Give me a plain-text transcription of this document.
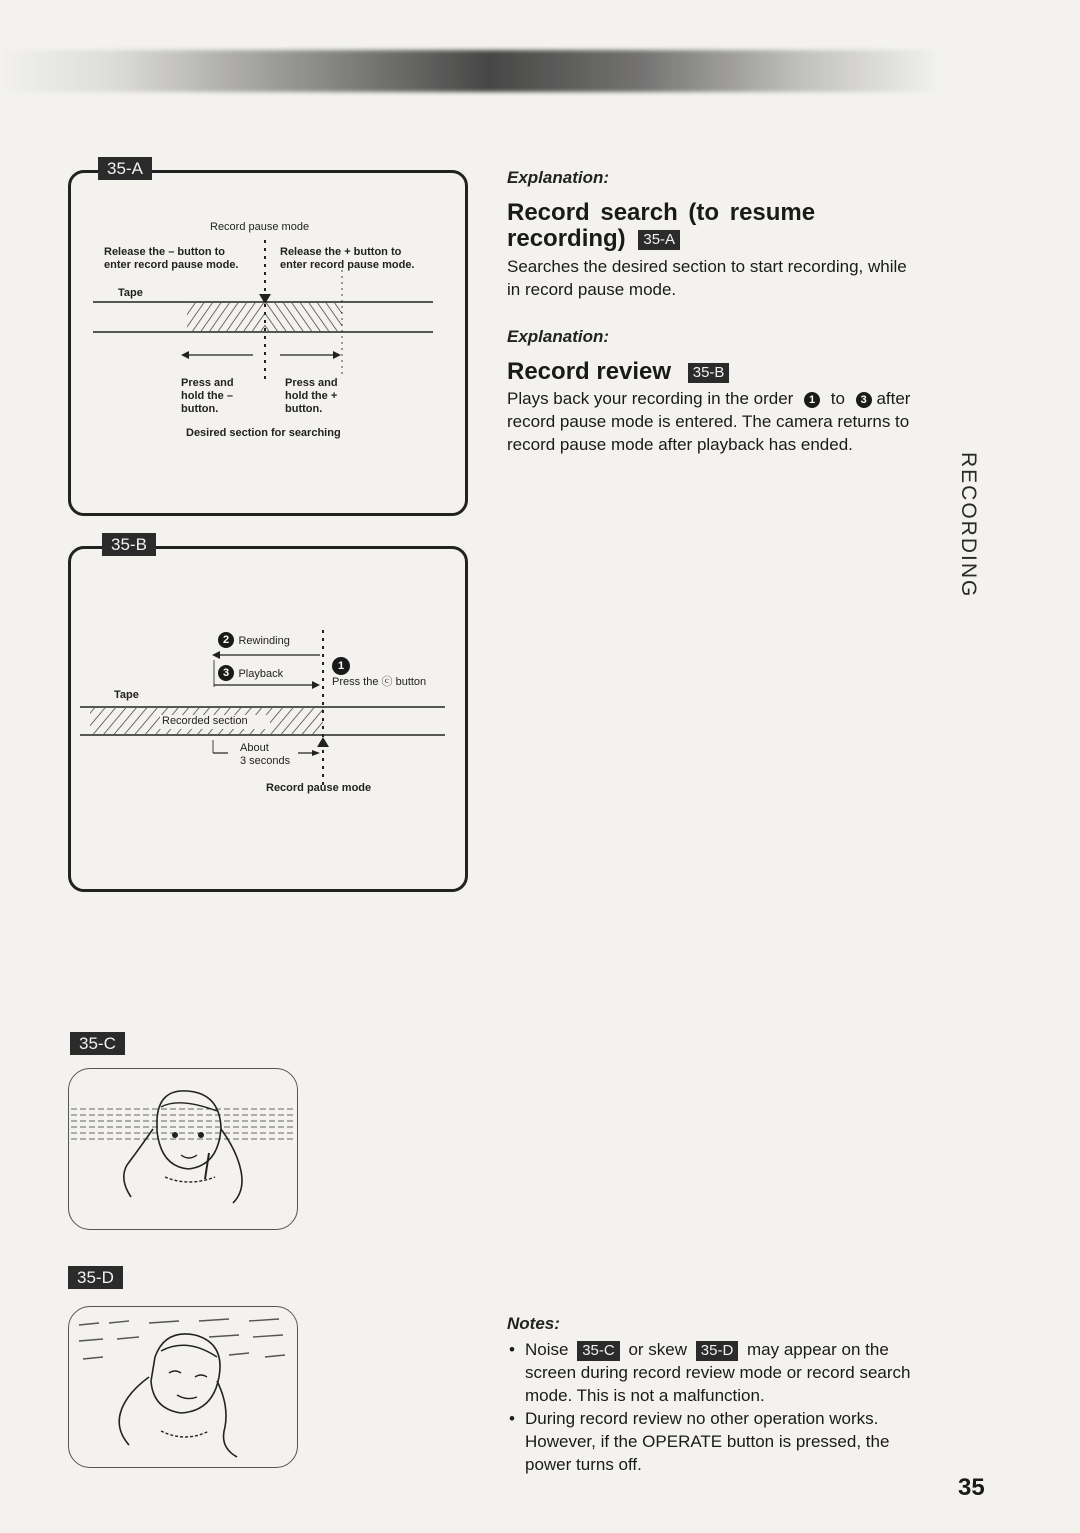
35-A
Record pause mode
Release the – button to enter record pause mode.
Release the + button to enter record pause mode.
Tape
Press and hold the – button.
Press and hold the + button.
Desired section for searching
35-B
2 Rewinding
3 Playback
1
Press the ⓒ button
Tape
Recorded section
About
3 seconds
Record pause mode
35-C
35-D
Explanation:
Record search (to resume
recording) 35-A
Searches the desired section to start recording, while in record pause mode.
Explanation:
Record review 35-B
Plays back your recording in the order 1 to 3 after record pause mode is entered. The camera returns to record pause mode after playback has ended.
RECORDING
Notes:
• Noise 35-C or skew 35-D may appear on the screen during record review mode or record search mode. This is not a malfunction.
• During record review no other operation works. However, if the OPERATE button is pressed, the power turns off.
35
